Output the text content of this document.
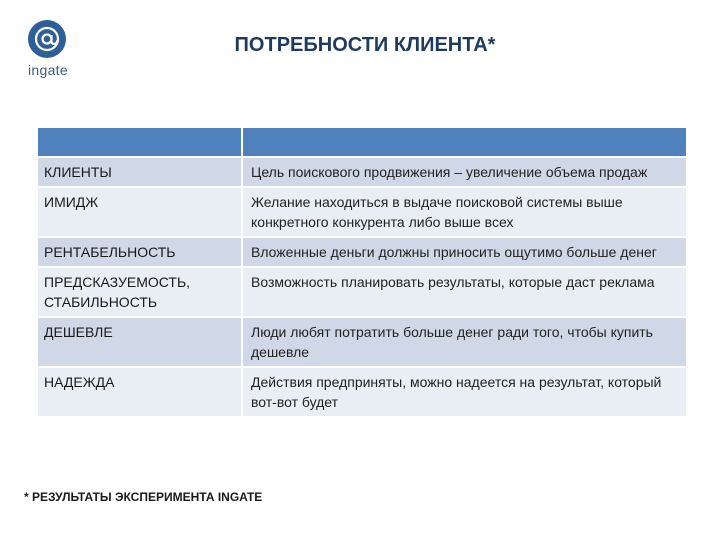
ingate
ПОТРЕБНОСТИ КЛИЕНТА*

КЛИЕНТЫ	Цель поискового продвижения – увеличение объема продаж
ИМИДЖ	Желание находиться в выдаче поисковой системы выше конкретного конкурента либо выше всех
РЕНТАБЕЛЬНОСТЬ	Вложенные деньги должны приносить ощутимо больше денег
ПРЕДСКАЗУЕМОСТЬ, СТАБИЛЬНОСТЬ	Возможность планировать результаты, которые даст реклама
ДЕШЕВЛЕ	Люди любят потратить больше денег ради того, чтобы купить дешевле
НАДЕЖДА	Действия предприняты, можно надеется на результат, который вот-вот будет
* РЕЗУЛЬТАТЫ ЭКСПЕРИМЕНТА INGATE
